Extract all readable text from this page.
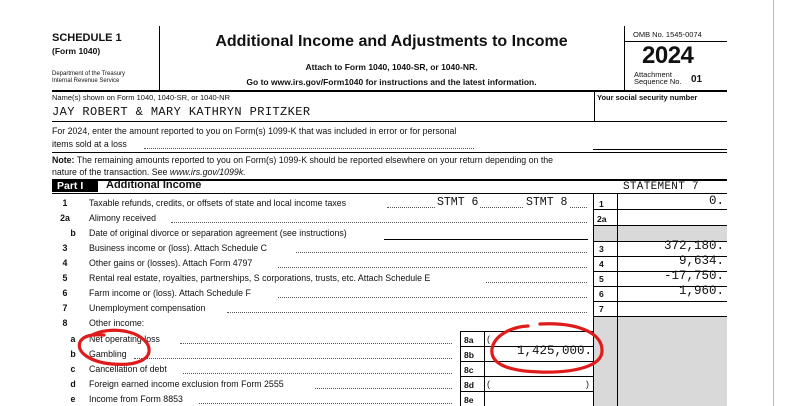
SCHEDULE 1
(Form 1040)
Department of the Treasury
Internal Revenue Service
Additional Income and Adjustments to Income
Attach to Form 1040, 1040-SR, or 1040-NR.
Go to www.irs.gov/Form1040 for instructions and the latest information.
OMB No. 1545-0074
2024
Attachment
Sequence No. 01
Name(s) shown on Form 1040, 1040-SR, or 1040-NR	Your social security number
JAY ROBERT & MARY KATHRYN PRITZKER
For 2024, enter the amount reported to you on Form(s) 1099-K that was included in error or for personal
items sold at a loss
Note: The remaining amounts reported to you on Form(s) 1099-K should be reported elsewhere on your return depending on the
nature of the transaction. See www.irs.gov/1099k.
Part I	Additional Income	STATEMENT 7
1	Taxable refunds, credits, or offsets of state and local income taxes	STMT 6	STMT 8	1	0.
2a Alimony received	2a
b	Date of original divorce or separation agreement (see instructions)
3	Business income or (loss). Attach Schedule C	3	372,180.
4	Other gains or (losses). Attach Form 4797	4	9,634.
5	Rental real estate, royalties, partnerships, S corporations, trusts, etc. Attach Schedule E	5	-17,750.
6	Farm income or (loss). Attach Schedule F	6	1,960.
7	Unemployment compensation	7
8	Other income:
a	Net operating loss	8a (
b	Gambling	8b	1,425,000.
c	Cancellation of debt	8c
d	Foreign earned income exclusion from Form 2555	8d (	)
e	Income from Form 8853	8e
